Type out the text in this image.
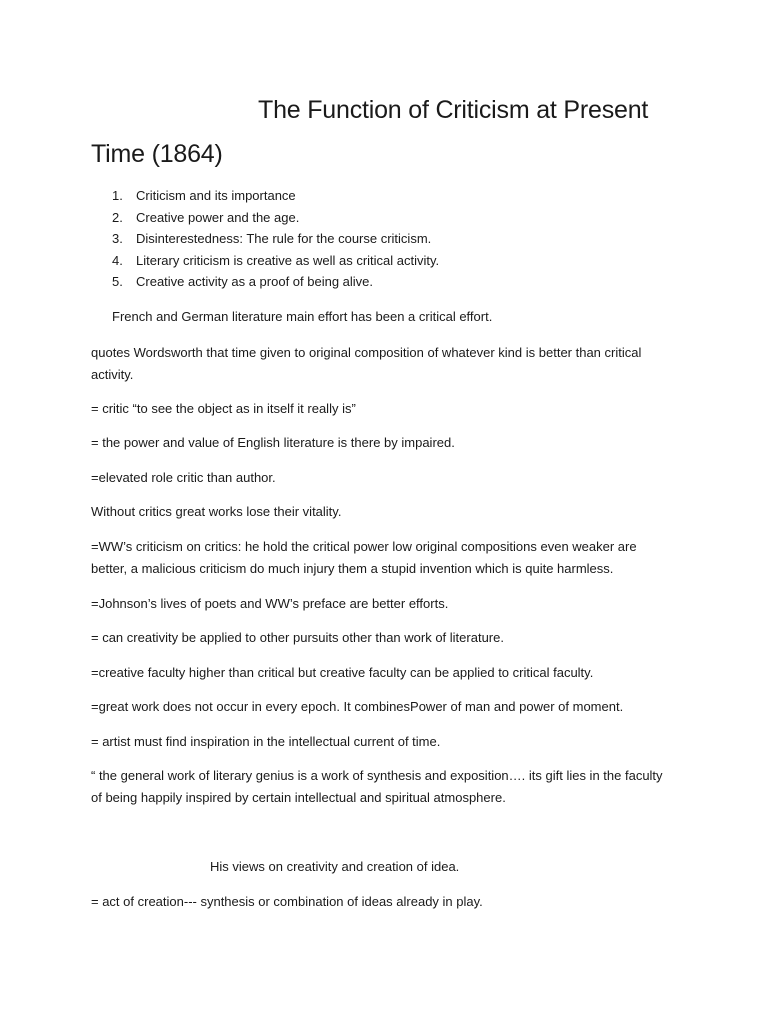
The Function of Criticism at Present
Time (1864)
1. Criticism and its importance
2. Creative power and the age.
3. Disinterestedness: The rule for the course criticism.
4. Literary criticism is creative as well as critical activity.
5. Creative activity as a proof of being alive.

French and German literature main effort has been a critical effort.

quotes Wordsworth that time given to original composition of whatever kind is better than critical activity.

= critic “to see the object as in itself it really is”

= the power and value of English literature is there by impaired.

=elevated role critic than author.

Without critics great works lose their vitality.

=WW’s criticism on critics: he hold the critical power low original compositions even weaker are better, a malicious criticism do much injury them a stupid invention which is quite harmless.

=Johnson’s lives of poets and WW’s preface are better efforts.

= can creativity be applied to other pursuits other than work of literature.

=creative faculty higher than critical but creative faculty can be applied to critical faculty.

=great work does not occur in every epoch. It combinesPower of man and power of moment.

= artist must find inspiration in the intellectual current of time.

“ the general work of literary genius is a work of synthesis and exposition…. its gift lies in the faculty of being happily inspired by certain intellectual and spiritual atmosphere.

His views on creativity and creation of idea.

= act of creation--- synthesis or combination of ideas already in play.
